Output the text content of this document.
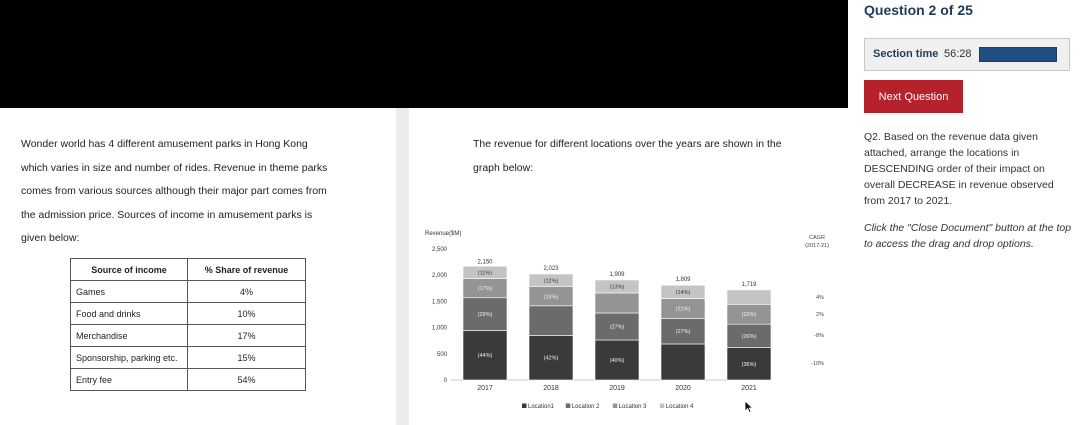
Wonder world has 4 different amusement parks in Hong Kong
which varies in size and number of rides. Revenue in theme parks
comes from various sources although their major part comes from
the admission price. Sources of income in amusement parks is
given below:
Source of income	% Share of revenue
Games	4%
Food and drinks	10%
Merchandise	17%
Sponsorship, parking etc.	15%
Entry fee	54%
The revenue for different locations over the years are shown in the
graph below:
Revenue($M)
0
500
1,000
1,500
2,000
2,500
(44%)
(29%)
(17%)
(11%)
2,150
2017
(42%)
(18%)
(12%)
2,023
2018
(40%)
(27%)
(13%)
1,909
2019
(27%)
(21%)
(14%)
1,809
2020
(36%)
(26%)
(22%)
1,719
2021
CAGR
(2017-21)
4%
2%
-8%
-10%
Location1	Location 2	Location 3	Location 4
Question 2 of 25
Section time 56:28
Next Question
Q2. Based on the revenue data given attached, arrange the locations in DESCENDING order of their impact on overall DECREASE in revenue observed from 2017 to 2021.
Click the "Close Document" button at the top to access the drag and drop options.
